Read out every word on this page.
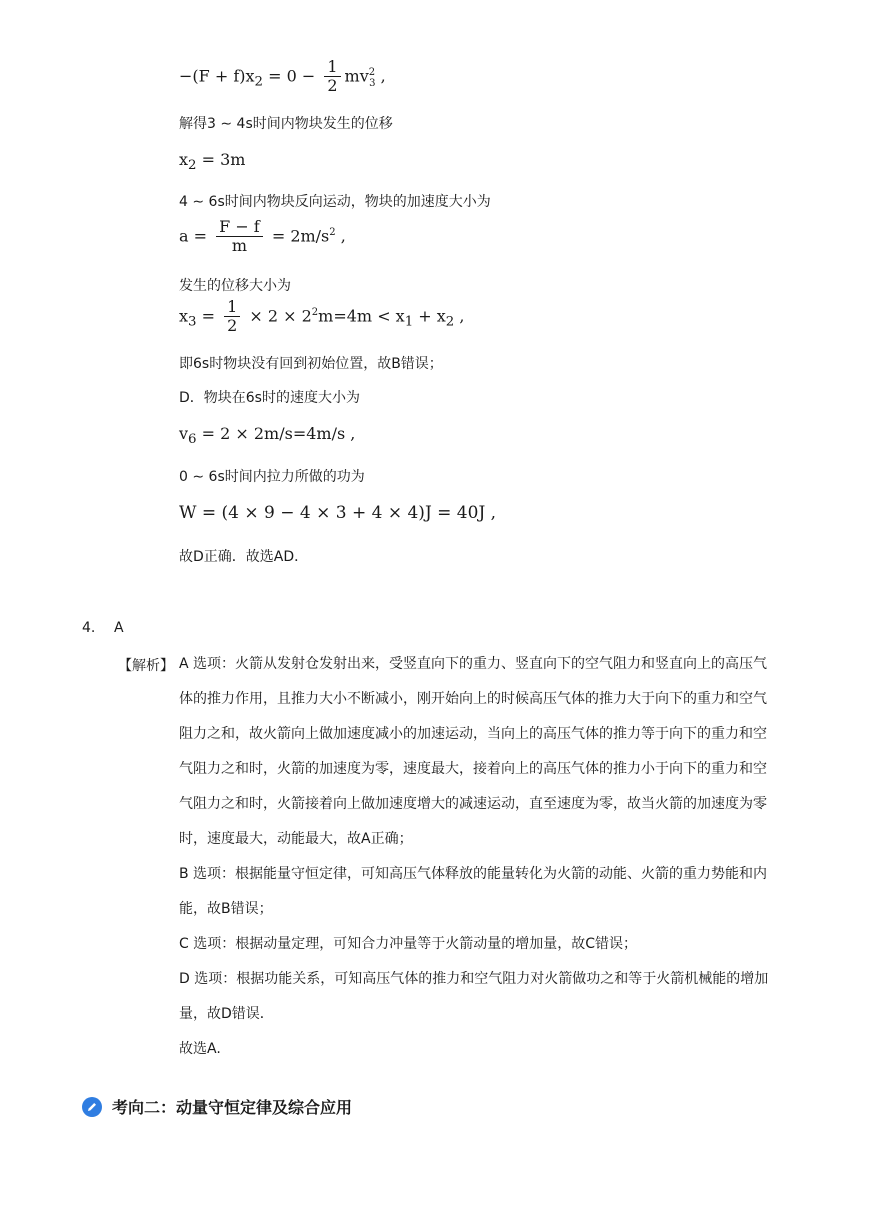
$-(F + f)x_2 = 0 - \frac{1}{2} mv^2_3$ ,
解得3 ∼ 4s时间内物块发生的位移
$x_2 = 3m$
4 ∼ 6s时间内物块反向运动，物块的加速度大小为
$a = \frac{F - f}{m} = 2m/s^2$ ,
发生的位移大小为
$x_3 = \frac{1}{2} \times 2 \times 2^2m=4m < x_1 + x_2$ ,
即6s时物块没有回到初始位置，故B错误；
D．物块在6s时的速度大小为
$v_6 = 2 \times 2m/s=4m/s$ ,
0 ∼ 6s时间内拉力所做的功为
W = (4 × 9 − 4 × 3 + 4 × 4)J = 40J ,
故D正确．故选AD．
4. A
【解析】 A 选项：火箭从发射仓发射出来，受竖直向下的重力、竖直向下的空气阻力和竖直向上的高压气体的推力作用，且推力大小不断减小，刚开始向上的时候高压气体的推力大于向下的重力和空气阻力之和，故火箭向上做加速度减小的加速运动，当向上的高压气体的推力等于向下的重力和空气阻力之和时，火箭的加速度为零，速度最大，接着向上的高压气体的推力小于向下的重力和空气阻力之和时，火箭接着向上做加速度增大的减速运动，直至速度为零，故当火箭的加速度为零时，速度最大，动能最大，故A正确；
B 选项：根据能量守恒定律，可知高压气体释放的能量转化为火箭的动能、火箭的重力势能和内能，故B错误；
C 选项：根据动量定理，可知合力冲量等于火箭动量的增加量，故C错误；
D 选项：根据功能关系，可知高压气体的推力和空气阻力对火箭做功之和等于火箭机械能的增加量，故D错误．
故选A.
考向二：动量守恒定律及综合应用
